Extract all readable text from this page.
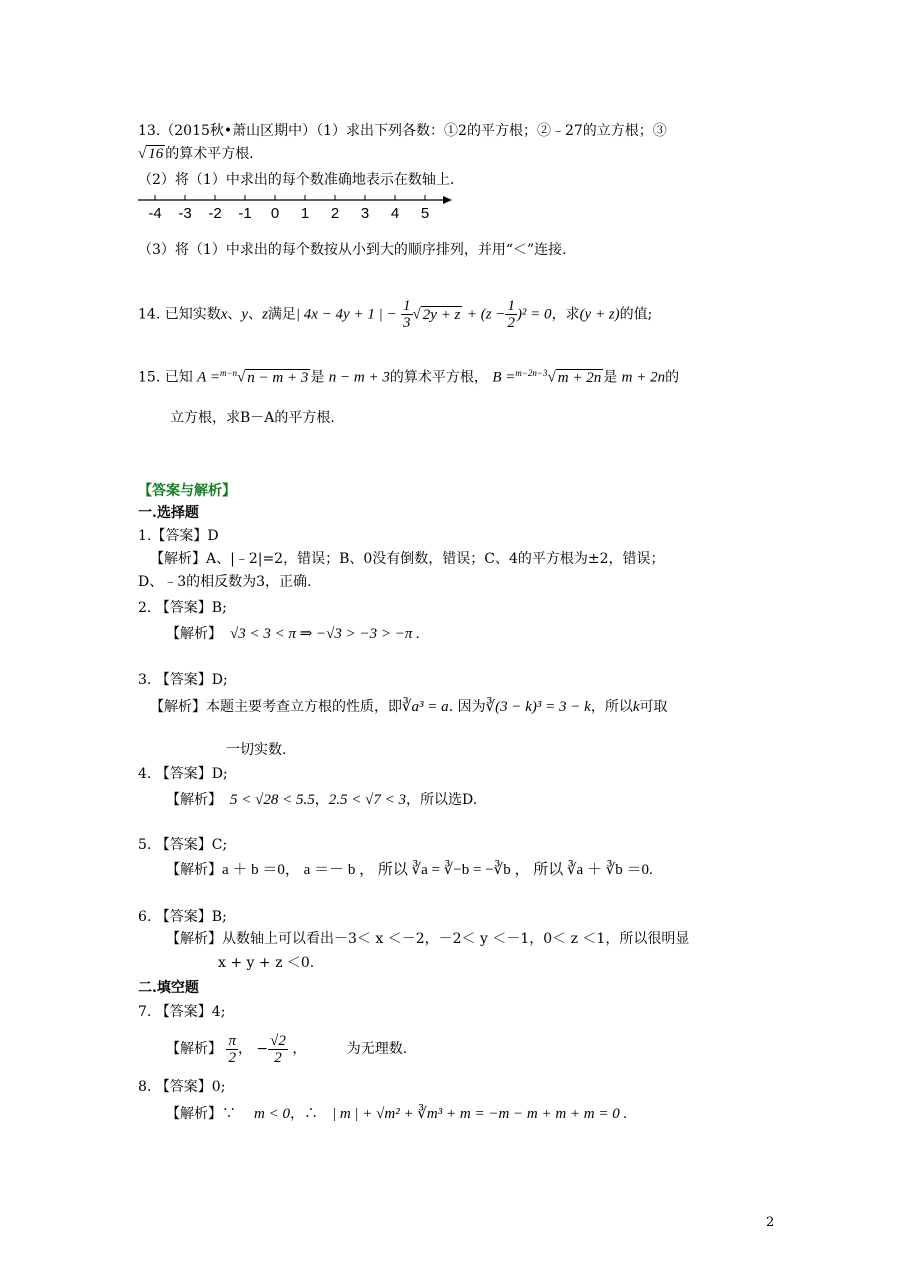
13.（2015秋•萧山区期中）（1）求出下列各数：①2的平方根；②﹣27的立方根；③
√ 16 的算术平方根.
（2）将（1）中求出的每个数准确地表示在数轴上.
-4 -3 -2 -1 0 1 2 3 4 5
（3）将（1）中求出的每个数按从小到大的顺序排列，并用“＜”连接.
14. 已知实数x、y、z满足| 4x − 4y + 1 | − $\frac{1}{3}$ √ $2y + z + (z - \frac{1}{2} )^2 = 0$，求(y + z)的值;
15. 已知 A =$^{m-n}$√ n − m + 3 是 n − m + 3的算术平方根， B =$^{m-2n-3}$√ m + 2n 是 m + 2n的
立方根，求B－A的平方根.
【答案与解析】
一.选择题
1.【答案】D
【解析】A、|﹣2|=2，错误；B、0没有倒数，错误；C、4的平方根为±2，错误；
D、﹣3的相反数为3，正确.
2. 【答案】B;
【解析】 √3 < 3 < π ⇒ −√3 > −3 > −π .
3. 【答案】D;
【解析】本题主要考查立方根的性质，即∛a³ = a. 因为∛(3 − k)³ = 3 − k，所以k可取
一切实数.
4. 【答案】D;
【解析】 5 < √28 < 5.5，2.5 < √7 < 3，所以选D.
5. 【答案】C;
【解析】a ＋ b ＝0， a ＝－ b ， 所以 ∛a = ∛−b = −∛b ， 所以 ∛a ＋ ∛b ＝0.
6. 【答案】B;
【解析】从数轴上可以看出－3＜ x ＜－2，－2＜ y ＜－1，0＜ z ＜1，所以很明显
x + y + z ＜0.
二.填空题
7. 【答案】4;
【解析】 $\frac{\pi}{2}$ ， − $\frac{√2}{2}$ ，	为无理数.
8. 【答案】0;
【解析】∵ m < 0，∴ | m | + √m² + ∛m³ + m = −m − m + m + m = 0 .
2
